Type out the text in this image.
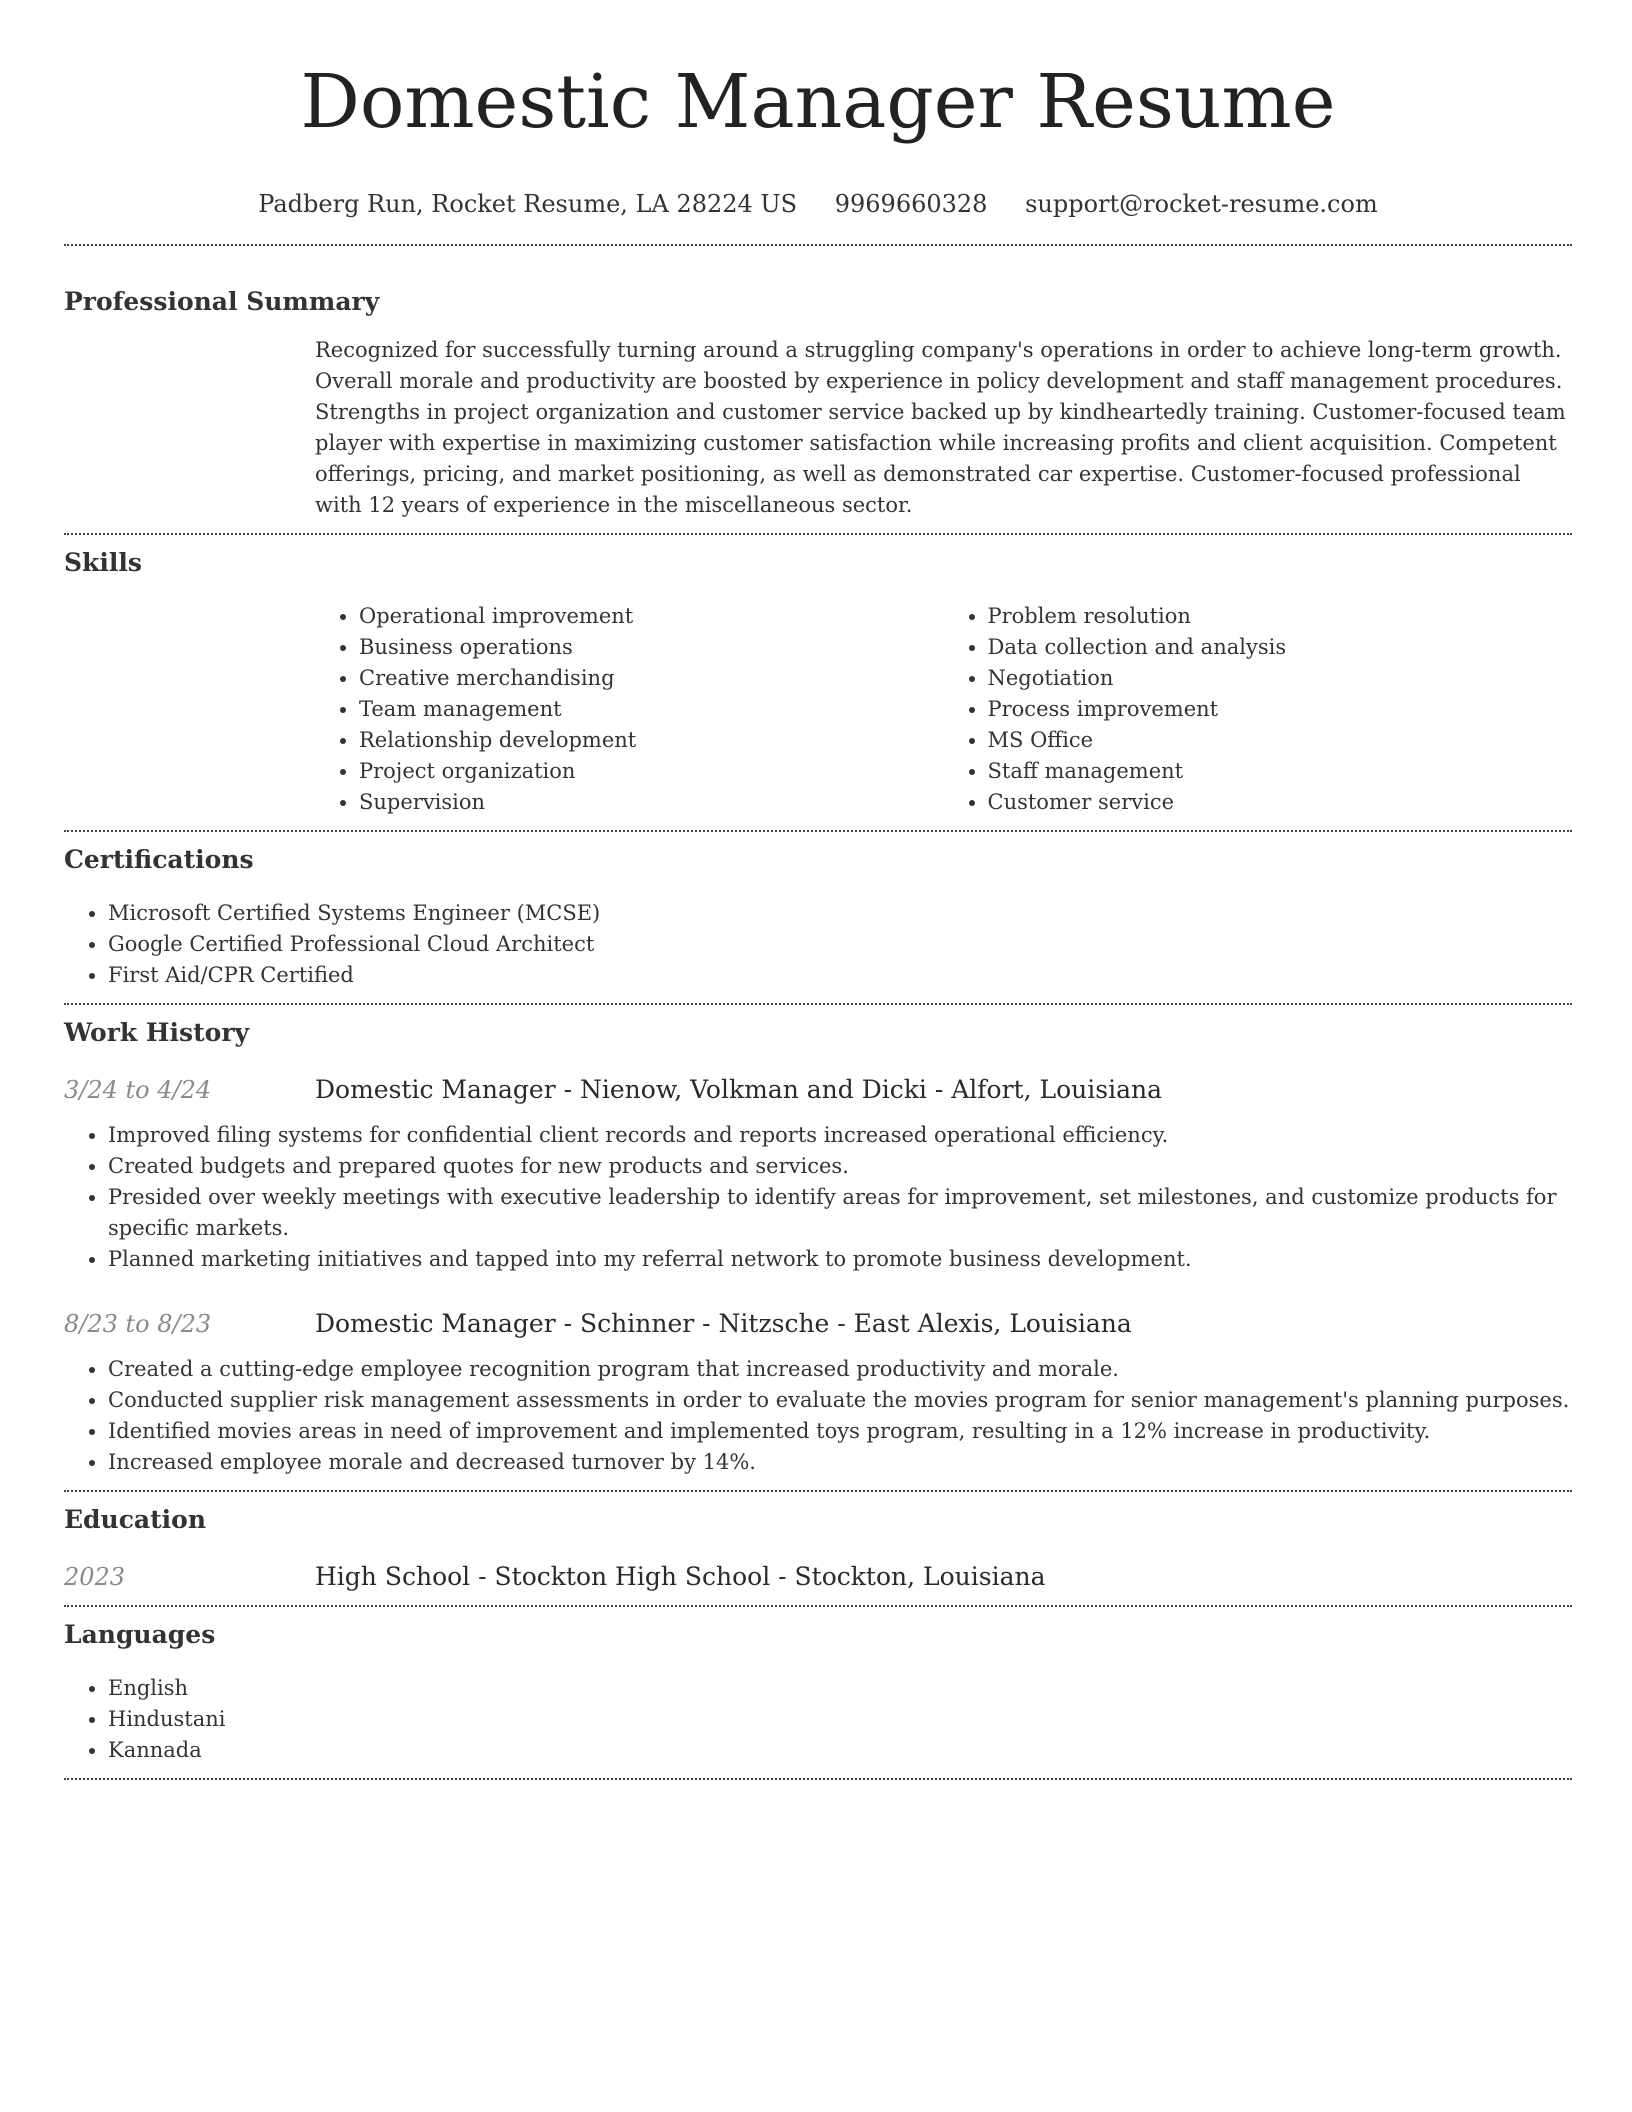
Domestic Manager Resume
Padberg Run, Rocket Resume, LA 28224 US 9969660328 support@rocket-resume.com
Professional Summary

Recognized for successfully turning around a struggling company's operations in order to achieve long-term growth. Overall morale and productivity are boosted by experience in policy development and staff management procedures. Strengths in project organization and customer service backed up by kindheartedly training. Customer-focused team player with expertise in maximizing customer satisfaction while increasing profits and client acquisition. Competent offerings, pricing, and market positioning, as well as demonstrated car expertise. Customer-focused professional with 12 years of experience in the miscellaneous sector.

Skills
• Operational improvement
• Business operations
• Creative merchandising
• Team management
• Relationship development
• Project organization
• Supervision
• Problem resolution
• Data collection and analysis
• Negotiation
• Process improvement
• MS Office
• Staff management
• Customer service
Certifications
• Microsoft Certified Systems Engineer (MCSE)
• Google Certified Professional Cloud Architect
• First Aid/CPR Certified
Work History
3/24 to 4/24	Domestic Manager - Nienow, Volkman and Dicki - Alfort, Louisiana
• Improved filing systems for confidential client records and reports increased operational efficiency.
• Created budgets and prepared quotes for new products and services.
• Presided over weekly meetings with executive leadership to identify areas for improvement, set milestones, and customize products for specific markets.
• Planned marketing initiatives and tapped into my referral network to promote business development.
8/23 to 8/23	Domestic Manager - Schinner - Nitzsche - East Alexis, Louisiana
• Created a cutting-edge employee recognition program that increased productivity and morale.
• Conducted supplier risk management assessments in order to evaluate the movies program for senior management's planning purposes.
• Identified movies areas in need of improvement and implemented toys program, resulting in a 12% increase in productivity.
• Increased employee morale and decreased turnover by 14%.
Education
2023	High School - Stockton High School - Stockton, Louisiana
Languages
• English
• Hindustani
• Kannada
